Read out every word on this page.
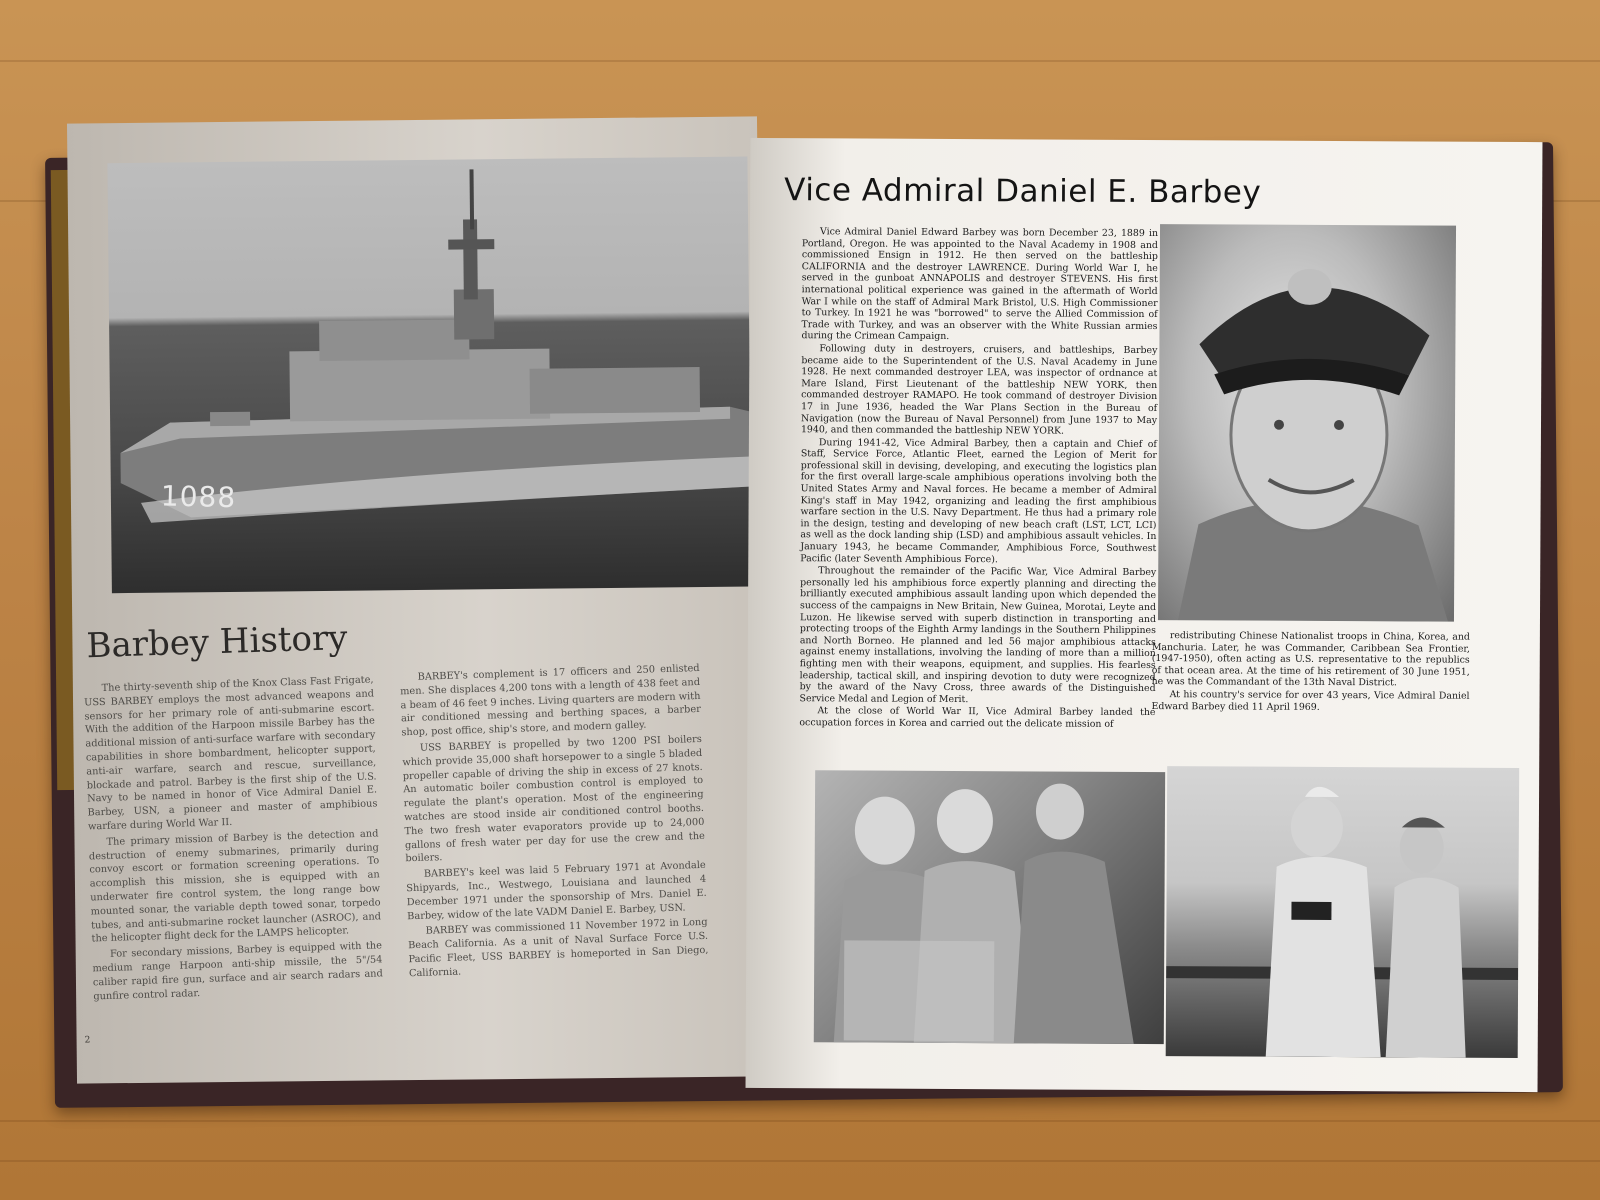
1088
Barbey History

The thirty-seventh ship of the Knox Class Fast Frigate, USS BARBEY employs the most advanced weapons and sensors for her primary role of anti-submarine escort. With the addition of the Harpoon missile Barbey has the additional mission of anti-surface warfare with secondary capabilities in shore bombardment, helicopter support, anti-air warfare, search and rescue, surveillance, blockade and patrol. Barbey is the first ship of the U.S. Navy to be named in honor of Vice Admiral Daniel E. Barbey, USN, a pioneer and master of amphibious warfare during World War II.

The primary mission of Barbey is the detection and destruction of enemy submarines, primarily during convoy escort or formation screening operations. To accomplish this mission, she is equipped with an underwater fire control system, the long range bow mounted sonar, the variable depth towed sonar, torpedo tubes, and anti-submarine rocket launcher (ASROC), and the helicopter flight deck for the LAMPS helicopter.

For secondary missions, Barbey is equipped with the medium range Harpoon anti-ship missile, the 5"/54 caliber rapid fire gun, surface and air search radars and gunfire control radar.

BARBEY's complement is 17 officers and 250 enlisted men. She displaces 4,200 tons with a length of 438 feet and a beam of 46 feet 9 inches. Living quarters are modern with air conditioned messing and berthing spaces, a barber shop, post office, ship's store, and modern galley.

USS BARBEY is propelled by two 1200 PSI boilers which provide 35,000 shaft horsepower to a single 5 bladed propeller capable of driving the ship in excess of 27 knots. An automatic boiler combustion control is employed to regulate the plant's operation. Most of the engineering watches are stood inside air conditioned control booths. The two fresh water evaporators provide up to 24,000 gallons of fresh water per day for use the crew and the boilers.

BARBEY's keel was laid 5 February 1971 at Avondale Shipyards, Inc., Westwego, Louisiana and launched 4 December 1971 under the sponsorship of Mrs. Daniel E. Barbey, widow of the late VADM Daniel E. Barbey, USN.

BARBEY was commissioned 11 November 1972 in Long Beach California. As a unit of Naval Surface Force U.S. Pacific Fleet, USS BARBEY is homeported in San Diego, California.

2
Vice Admiral Daniel E. Barbey

Vice Admiral Daniel Edward Barbey was born December 23, 1889 in Portland, Oregon. He was appointed to the Naval Academy in 1908 and commissioned Ensign in 1912. He then served on the battleship CALIFORNIA and the destroyer LAWRENCE. During World War I, he served in the gunboat ANNAPOLIS and destroyer STEVENS. His first international political experience was gained in the aftermath of World War I while on the staff of Admiral Mark Bristol, U.S. High Commissioner to Turkey. In 1921 he was "borrowed" to serve the Allied Commission of Trade with Turkey, and was an observer with the White Russian armies during the Crimean Campaign.

Following duty in destroyers, cruisers, and battleships, Barbey became aide to the Superintendent of the U.S. Naval Academy in June 1928. He next commanded destroyer LEA, was inspector of ordnance at Mare Island, First Lieutenant of the battleship NEW YORK, then commanded destroyer RAMAPO. He took command of destroyer Division 17 in June 1936, headed the War Plans Section in the Bureau of Navigation (now the Bureau of Naval Personnel) from June 1937 to May 1940, and then commanded the battleship NEW YORK.

During 1941-42, Vice Admiral Barbey, then a captain and Chief of Staff, Service Force, Atlantic Fleet, earned the Legion of Merit for professional skill in devising, developing, and executing the logistics plan for the first overall large-scale amphibious operations involving both the United States Army and Naval forces. He became a member of Admiral King's staff in May 1942, organizing and leading the first amphibious warfare section in the U.S. Navy Department. He thus had a primary role in the design, testing and developing of new beach craft (LST, LCT, LCI) as well as the dock landing ship (LSD) and amphibious assault vehicles. In January 1943, he became Commander, Amphibious Force, Southwest Pacific (later Seventh Amphibious Force).

Throughout the remainder of the Pacific War, Vice Admiral Barbey personally led his amphibious force expertly planning and directing the brilliantly executed amphibious assault landing upon which depended the success of the campaigns in New Britain, New Guinea, Morotai, Leyte and Luzon. He likewise served with superb distinction in transporting and protecting troops of the Eighth Army landings in the Southern Philippines and North Borneo. He planned and led 56 major amphibious attacks against enemy installations, involving the landing of more than a million fighting men with their weapons, equipment, and supplies. His fearless leadership, tactical skill, and inspiring devotion to duty were recognized by the award of the Navy Cross, three awards of the Distinguished Service Medal and Legion of Merit.

At the close of World War II, Vice Admiral Barbey landed the occupation forces in Korea and carried out the delicate mission of

redistributing Chinese Nationalist troops in China, Korea, and Manchuria. Later, he was Commander, Caribbean Sea Frontier, (1947-1950), often acting as U.S. representative to the republics of that ocean area. At the time of his retirement of 30 June 1951, he was the Commandant of the 13th Naval District.

At his country's service for over 43 years, Vice Admiral Daniel Edward Barbey died 11 April 1969.
